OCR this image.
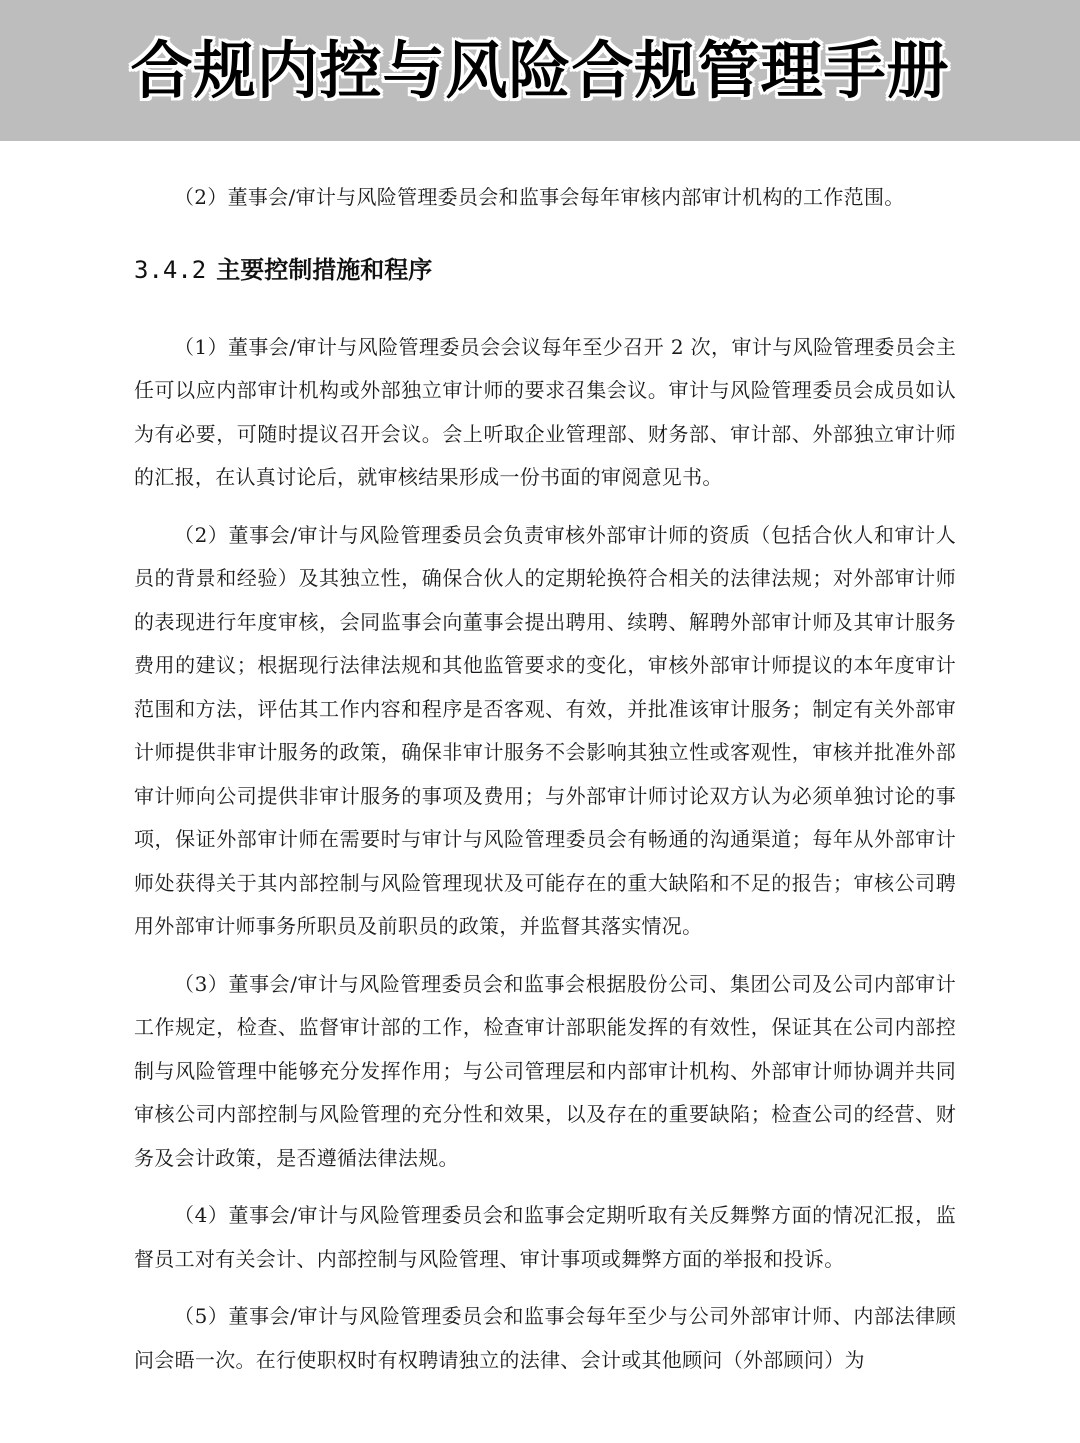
合规内控与风险合规管理手册

（2）董事会/审计与风险管理委员会和监事会每年审核内部审计机构的工作范围。

3.4.2 主要控制措施和程序

（1）董事会/审计与风险管理委员会会议每年至少召开 2 次，审计与风险管理委员会主任可以应内部审计机构或外部独立审计师的要求召集会议。审计与风险管理委员会成员如认为有必要，可随时提议召开会议。会上听取企业管理部、财务部、审计部、外部独立审计师的汇报，在认真讨论后，就审核结果形成一份书面的审阅意见书。

（2）董事会/审计与风险管理委员会负责审核外部审计师的资质（包括合伙人和审计人员的背景和经验）及其独立性，确保合伙人的定期轮换符合相关的法律法规；对外部审计师的表现进行年度审核，会同监事会向董事会提出聘用、续聘、解聘外部审计师及其审计服务费用的建议；根据现行法律法规和其他监管要求的变化，审核外部审计师提议的本年度审计范围和方法，评估其工作内容和程序是否客观、有效，并批准该审计服务；制定有关外部审计师提供非审计服务的政策，确保非审计服务不会影响其独立性或客观性，审核并批准外部审计师向公司提供非审计服务的事项及费用；与外部审计师讨论双方认为必须单独讨论的事项，保证外部审计师在需要时与审计与风险管理委员会有畅通的沟通渠道；每年从外部审计师处获得关于其内部控制与风险管理现状及可能存在的重大缺陷和不足的报告；审核公司聘用外部审计师事务所职员及前职员的政策，并监督其落实情况。

（3）董事会/审计与风险管理委员会和监事会根据股份公司、集团公司及公司内部审计工作规定，检查、监督审计部的工作，检查审计部职能发挥的有效性，保证其在公司内部控制与风险管理中能够充分发挥作用；与公司管理层和内部审计机构、外部审计师协调并共同审核公司内部控制与风险管理的充分性和效果，以及存在的重要缺陷；检查公司的经营、财务及会计政策，是否遵循法律法规。

（4）董事会/审计与风险管理委员会和监事会定期听取有关反舞弊方面的情况汇报，监督员工对有关会计、内部控制与风险管理、审计事项或舞弊方面的举报和投诉。

（5）董事会/审计与风险管理委员会和监事会每年至少与公司外部审计师、内部法律顾问会晤一次。在行使职权时有权聘请独立的法律、会计或其他顾问（外部顾问）为
